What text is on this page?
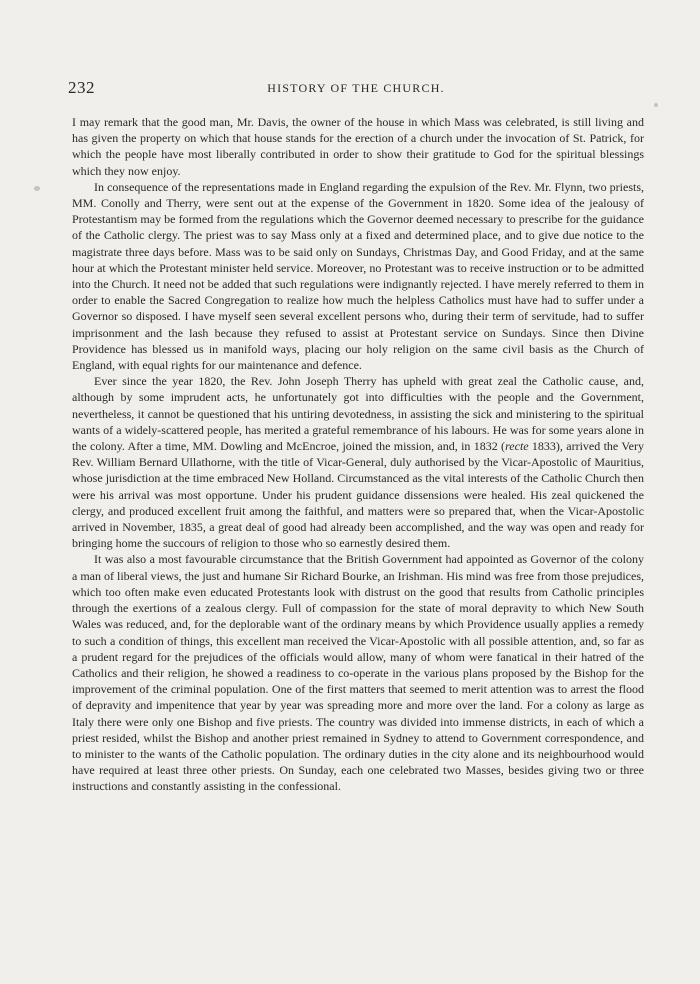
232	HISTORY OF THE CHURCH.

I may remark that the good man, Mr. Davis, the owner of the house in which Mass was celebrated, is still living and has given the property on which that house stands for the erection of a church under the invocation of St. Patrick, for which the people have most liberally contributed in order to show their gratitude to God for the spiritual blessings which they now enjoy.

In consequence of the representations made in England regarding the expulsion of the Rev. Mr. Flynn, two priests, MM. Conolly and Therry, were sent out at the expense of the Government in 1820. Some idea of the jealousy of Protestantism may be formed from the regulations which the Governor deemed necessary to prescribe for the guidance of the Catholic clergy. The priest was to say Mass only at a fixed and determined place, and to give due notice to the magistrate three days before. Mass was to be said only on Sundays, Christmas Day, and Good Friday, and at the same hour at which the Protestant minister held service. Moreover, no Protestant was to receive instruction or to be admitted into the Church. It need not be added that such regulations were indignantly rejected. I have merely referred to them in order to enable the Sacred Congregation to realize how much the helpless Catholics must have had to suffer under a Governor so disposed. I have myself seen several excellent persons who, during their term of servitude, had to suffer imprisonment and the lash because they refused to assist at Protestant service on Sundays. Since then Divine Providence has blessed us in manifold ways, placing our holy religion on the same civil basis as the Church of England, with equal rights for our maintenance and defence.

Ever since the year 1820, the Rev. John Joseph Therry has upheld with great zeal the Catholic cause, and, although by some imprudent acts, he unfortunately got into difficulties with the people and the Government, nevertheless, it cannot be questioned that his untiring devotedness, in assisting the sick and ministering to the spiritual wants of a widely-scattered people, has merited a grateful remembrance of his labours. He was for some years alone in the colony. After a time, MM. Dowling and McEncroe, joined the mission, and, in 1832 (recte 1833), arrived the Very Rev. William Bernard Ullathorne, with the title of Vicar-General, duly authorised by the Vicar-Apostolic of Mauritius, whose jurisdiction at the time embraced New Holland. Circumstanced as the vital interests of the Catholic Church then were his arrival was most opportune. Under his prudent guidance dissensions were healed. His zeal quickened the clergy, and produced excellent fruit among the faithful, and matters were so prepared that, when the Vicar-Apostolic arrived in November, 1835, a great deal of good had already been accomplished, and the way was open and ready for bringing home the succours of religion to those who so earnestly desired them.

It was also a most favourable circumstance that the British Government had appointed as Governor of the colony a man of liberal views, the just and humane Sir Richard Bourke, an Irishman. His mind was free from those prejudices, which too often make even educated Protestants look with distrust on the good that results from Catholic principles through the exertions of a zealous clergy. Full of compassion for the state of moral depravity to which New South Wales was reduced, and, for the deplorable want of the ordinary means by which Providence usually applies a remedy to such a condition of things, this excellent man received the Vicar-Apostolic with all possible attention, and, so far as a prudent regard for the prejudices of the officials would allow, many of whom were fanatical in their hatred of the Catholics and their religion, he showed a readiness to co-operate in the various plans proposed by the Bishop for the improvement of the criminal population. One of the first matters that seemed to merit attention was to arrest the flood of depravity and impenitence that year by year was spreading more and more over the land. For a colony as large as Italy there were only one Bishop and five priests. The country was divided into immense districts, in each of which a priest resided, whilst the Bishop and another priest remained in Sydney to attend to Government correspondence, and to minister to the wants of the Catholic population. The ordinary duties in the city alone and its neighbourhood would have required at least three other priests. On Sunday, each one celebrated two Masses, besides giving two or three instructions and constantly assisting in the confessional.
